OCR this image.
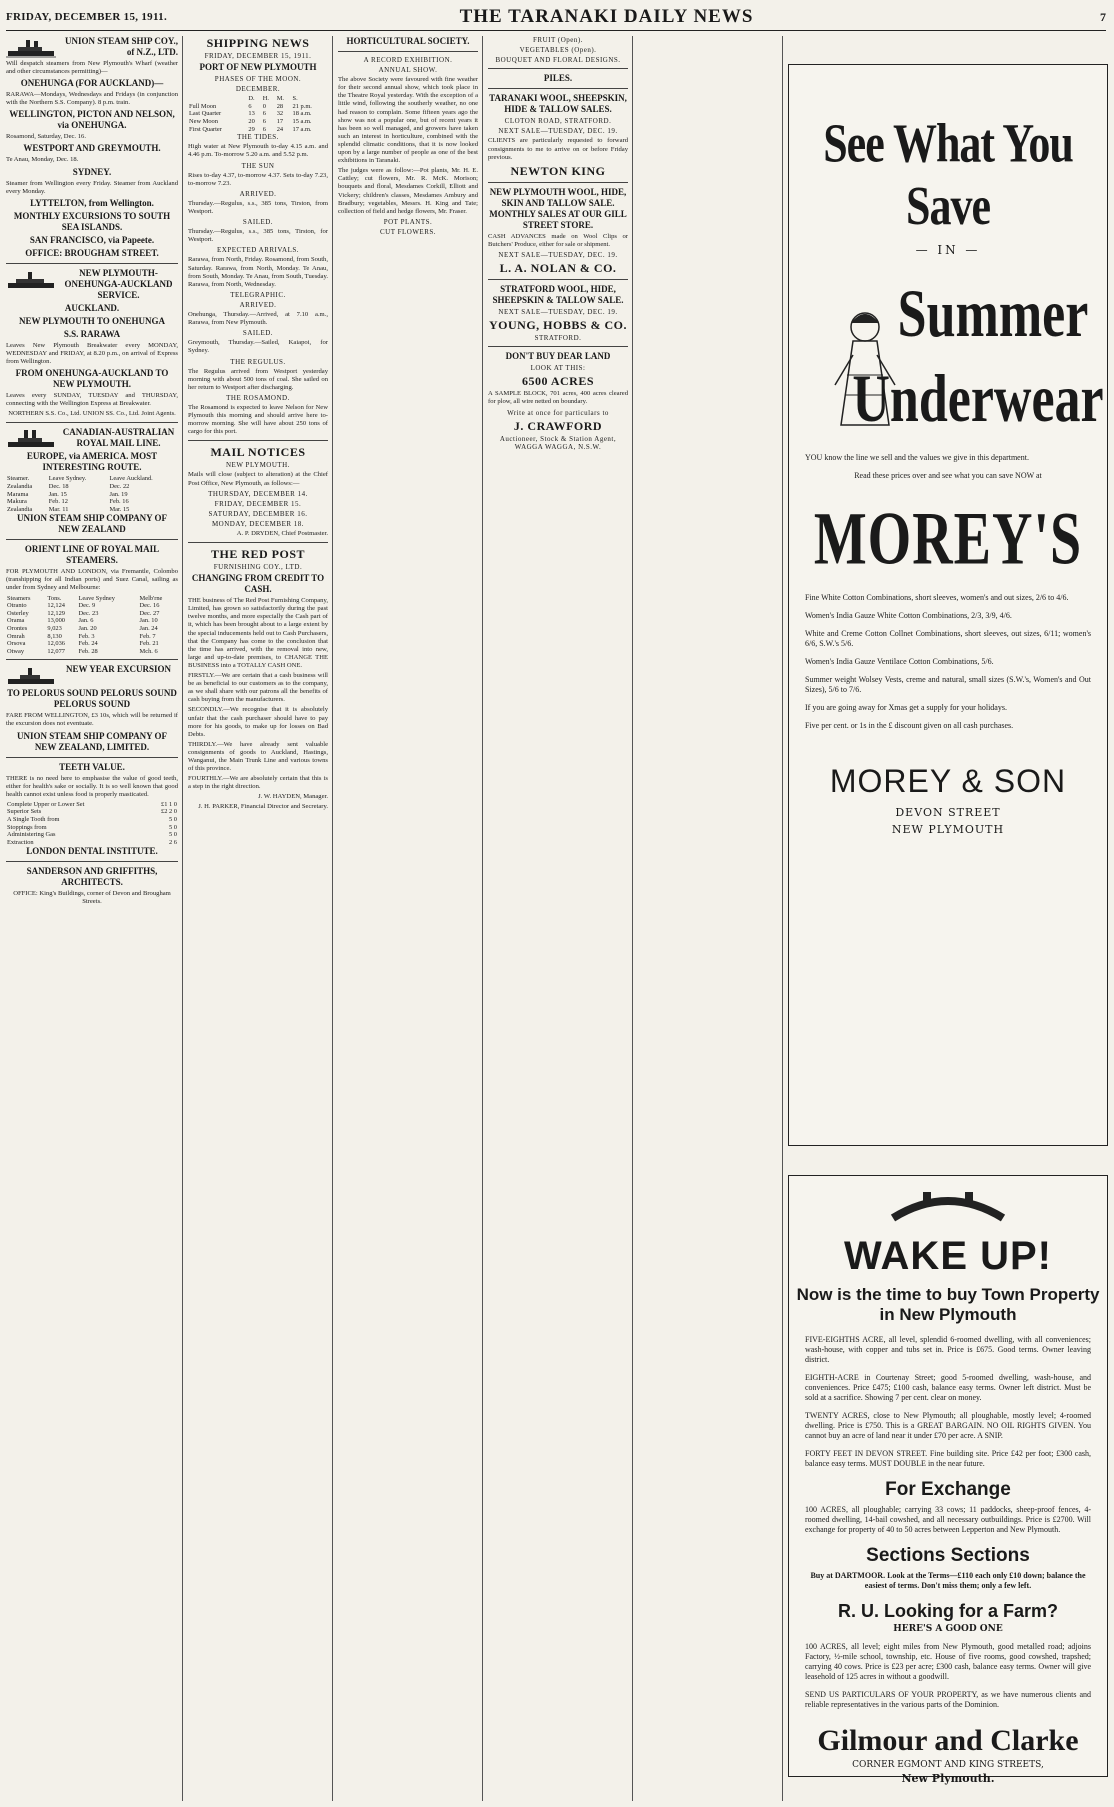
FRIDAY, DECEMBER 15, 1911.	THE TARANAKI DAILY NEWS	7

UNION STEAM SHIP COY., of N.Z., LTD.

Will despatch steamers from New Plymouth's Wharf (weather and other circumstances permitting)—

ONEHUNGA (FOR AUCKLAND)—

RARAWA—Mondays, Wednesdays and Fridays (in conjunction with the Northern S.S. Company). 8 p.m. train.

WELLINGTON, PICTON AND NELSON, via ONEHUNGA.

Rosamond, Saturday, Dec. 16.

WESTPORT AND GREYMOUTH.

Te Anau, Monday, Dec. 18.

SYDNEY.

Steamer from Wellington every Friday. Steamer from Auckland every Monday.

LYTTELTON, from Wellington.

MONTHLY EXCURSIONS TO SOUTH SEA ISLANDS.

SAN FRANCISCO, via Papeete.

OFFICE: BROUGHAM STREET.

NEW PLYMOUTH-ONEHUNGA-AUCKLAND SERVICE.

AUCKLAND.

NEW PLYMOUTH TO ONEHUNGA

S.S. RARAWA

Leaves New Plymouth Breakwater every MONDAY, WEDNESDAY and FRIDAY, at 8.20 p.m., on arrival of Express from Wellington.

FROM ONEHUNGA-AUCKLAND TO NEW PLYMOUTH.

Leaves every SUNDAY, TUESDAY and THURSDAY, connecting with the Wellington Express at Breakwater.

NORTHERN S.S. Co., Ltd. UNION SS. Co., Ltd. Joint Agents.

CANADIAN-AUSTRALIAN ROYAL MAIL LINE.

EUROPE, via AMERICA. MOST INTERESTING ROUTE.

Steamer.	Leave Sydney.	Leave Auckland.
Zealandia	Dec. 18	Dec. 22
Marama	Jan. 15	Jan. 19
Makura	Feb. 12	Feb. 16
Zealandia	Mar. 11	Mar. 15

UNION STEAM SHIP COMPANY OF NEW ZEALAND

ORIENT LINE OF ROYAL MAIL STEAMERS.

FOR PLYMOUTH AND LONDON, via Fremantle, Colombo (transhipping for all Indian ports) and Suez Canal, sailing as under from Sydney and Melbourne:

Steamers	Tons.	Leave Sydney	Melb'rne
Otranto	12,124	Dec. 9	Dec. 16
Osterley	12,129	Dec. 23	Dec. 27
Orama	13,000	Jan. 6	Jan. 10
Orontes	9,023	Jan. 20	Jan. 24
Omrah	8,130	Feb. 3	Feb. 7
Orsova	12,036	Feb. 24	Feb. 21
Otway	12,077	Feb. 28	Mch. 6

NEW YEAR EXCURSION

TO PELORUS SOUND PELORUS SOUND PELORUS SOUND

FARE FROM WELLINGTON, £3 10s, which will be returned if the excursion does not eventuate.

UNION STEAM SHIP COMPANY OF NEW ZEALAND, LIMITED.

TEETH VALUE.

THERE is no need here to emphasise the value of good teeth, either for health's sake or socially. It is so well known that good health cannot exist unless food is properly masticated.

Complete Upper or Lower Set	£1 1 0
Superior Sets	£2 2 0
A Single Tooth from	5 0
Stoppings from	5 0
Administering Gas	5 0
Extraction	2 6

LONDON DENTAL INSTITUTE.

SANDERSON AND GRIFFITHS, ARCHITECTS.

OFFICE: King's Buildings, corner of Devon and Brougham Streets.

SHIPPING NEWS

FRIDAY, DECEMBER 15, 1911.

PORT OF NEW PLYMOUTH

PHASES OF THE MOON.

DECEMBER.

	D.	H.	M.	S.
Full Moon	6	0	28	21 p.m.
Last Quarter	13	6	32	18 a.m.
New Moon	20	6	17	15 a.m.
First Quarter	29	6	24	17 a.m.

THE TIDES.

High water at New Plymouth to-day 4.15 a.m. and 4.46 p.m. To-morrow 5.20 a.m. and 5.52 p.m.

THE SUN

Rises to-day 4.37, to-morrow 4.37. Sets to-day 7.23, to-morrow 7.23.

ARRIVED.

Thursday.—Regulus, s.s., 385 tons, Tirston, from Westport.

SAILED.

Thursday.—Regulus, s.s., 385 tons, Tirston, for Westport.

EXPECTED ARRIVALS.

Rarawa, from North, Friday. Rosamond, from South, Saturday. Rarawa, from North, Monday. Te Anau, from South, Monday. Te Anau, from South, Tuesday. Rarawa, from North, Wednesday.

TELEGRAPHIC.

ARRIVED.

Onehunga, Thursday.—Arrived, at 7.10 a.m., Rarawa, from New Plymouth.

SAILED.

Greymouth, Thursday.—Sailed, Kaiapoi, for Sydney.

THE REGULUS.

The Regulus arrived from Westport yesterday morning with about 500 tons of coal. She sailed on her return to Westport after discharging.

THE ROSAMOND.

The Rosamond is expected to leave Nelson for New Plymouth this morning and should arrive here to-morrow morning. She will have about 250 tons of cargo for this port.

MAIL NOTICES

NEW PLYMOUTH.

Mails will close (subject to alteration) at the Chief Post Office, New Plymouth, as follows:—

THURSDAY, DECEMBER 14.

FRIDAY, DECEMBER 15.

SATURDAY, DECEMBER 16.

MONDAY, DECEMBER 18.

A. P. DRYDEN, Chief Postmaster.

THE RED POST

FURNISHING COY., LTD.

CHANGING FROM CREDIT TO CASH.

THE business of The Red Post Furnishing Company, Limited, has grown so satisfactorily during the past twelve months, and more especially the Cash part of it, which has been brought about to a large extent by the special inducements held out to Cash Purchasers, that the Company has come to the conclusion that the time has arrived, with the removal into new, large and up-to-date premises, to CHANGE THE BUSINESS into a TOTALLY CASH ONE.

FIRSTLY.—We are certain that a cash business will be as beneficial to our customers as to the company, as we shall share with our patrons all the benefits of cash buying from the manufacturers.

SECONDLY.—We recognise that it is absolutely unfair that the cash purchaser should have to pay more for his goods, to make up for losses on Bad Debts.

THIRDLY.—We have already sent valuable consignments of goods to Auckland, Hastings, Wanganui, the Main Trunk Line and various towns of this province.

FOURTHLY.—We are absolutely certain that this is a step in the right direction.

J. W. HAYDEN, Manager.

J. H. PARKER, Financial Director and Secretary.

HORTICULTURAL SOCIETY.

A RECORD EXHIBITION.

ANNUAL SHOW.

The above Society were favoured with fine weather for their second annual show, which took place in the Theatre Royal yesterday. With the exception of a little wind, following the southerly weather, no one had reason to complain. Some fifteen years ago the show was not a popular one, but of recent years it has been so well managed, and growers have taken such an interest in horticulture, combined with the splendid climatic conditions, that it is now looked upon by a large number of people as one of the best exhibitions in Taranaki.

The judges were as follow:—Pot plants, Mr. H. E. Cattley; cut flowers, Mr. R. McK. Morison; bouquets and floral, Mesdames Corkill, Elliott and Vickery; children's classes, Mesdames Ambury and Bradbury; vegetables, Messrs. H. King and Tate; collection of field and hedge flowers, Mr. Fraser.

POT PLANTS.

CUT FLOWERS.

FRUIT (Open).

VEGETABLES (Open).

BOUQUET AND FLORAL DESIGNS.

PILES.

TARANAKI WOOL, SHEEPSKIN, HIDE & TALLOW SALES.

CLOTON ROAD, STRATFORD.

NEXT SALE—TUESDAY, DEC. 19.

CLIENTS are particularly requested to forward consignments to me to arrive on or before Friday previous.

NEWTON KING

NEW PLYMOUTH WOOL, HIDE, SKIN AND TALLOW SALE. MONTHLY SALES AT OUR GILL STREET STORE.

CASH ADVANCES made on Wool Clips or Butchers' Produce, either for sale or shipment.

NEXT SALE—TUESDAY, DEC. 19.

L. A. NOLAN & CO.

STRATFORD WOOL, HIDE, SHEEPSKIN & TALLOW SALE.

NEXT SALE—TUESDAY, DEC. 19.

YOUNG, HOBBS & CO.

STRATFORD.

DON'T BUY DEAR LAND

LOOK AT THIS:

6500 ACRES

A SAMPLE BLOCK, 701 acres, 400 acres cleared for plow, all wire netted on boundary.

Write at once for particulars to

J. CRAWFORD

Auctioneer, Stock & Station Agent, WAGGA WAGGA, N.S.W.

See What You Save
— IN —
Summer
Underwear

YOU know the line we sell and the values we give in this department.

Read these prices over and see what you can save NOW at

MOREY'S

Fine White Cotton Combinations, short sleeves, women's and out sizes, 2/6 to 4/6.

Women's India Gauze White Cotton Combinations, 2/3, 3/9, 4/6.

White and Creme Cotton Collnet Combinations, short sleeves, out sizes, 6/11; women's 6/6, S.W.'s 5/6.

Women's India Gauze Ventilace Cotton Combinations, 5/6.

Summer weight Wolsey Vests, creme and natural, small sizes (S.W.'s, Women's and Out Sizes), 5/6 to 7/6.

If you are going away for Xmas get a supply for your holidays.

Five per cent. or 1s in the £ discount given on all cash purchases.

MOREY & SON

DEVON STREET

NEW PLYMOUTH

WAKE UP!
Now is the time to buy Town Property in New Plymouth

FIVE-EIGHTHS ACRE, all level, splendid 6-roomed dwelling, with all conveniences; wash-house, with copper and tubs set in. Price is £675. Good terms. Owner leaving district.

EIGHTH-ACRE in Courtenay Street; good 5-roomed dwelling, wash-house, and conveniences. Price £475; £100 cash, balance easy terms. Owner left district. Must be sold at a sacrifice. Showing 7 per cent. clear on money.

TWENTY ACRES, close to New Plymouth; all ploughable, mostly level; 4-roomed dwelling. Price is £750. This is a GREAT BARGAIN. NO OIL RIGHTS GIVEN. You cannot buy an acre of land near it under £70 per acre. A SNIP.

FORTY FEET IN DEVON STREET. Fine building site. Price £42 per foot; £300 cash, balance easy terms. MUST DOUBLE in the near future.

For Exchange

100 ACRES, all ploughable; carrying 33 cows; 11 paddocks, sheep-proof fences, 4-roomed dwelling, 14-bail cowshed, and all necessary outbuildings. Price is £2700. Will exchange for property of 40 to 50 acres between Lepperton and New Plymouth.

Sections Sections

Buy at DARTMOOR. Look at the Terms—£110 each only £10 down; balance the easiest of terms. Don't miss them; only a few left.

R. U. Looking for a Farm?

HERE'S A GOOD ONE

100 ACRES, all level; eight miles from New Plymouth, good metalled road; adjoins Factory, ½-mile school, township, etc. House of five rooms, good cowshed, trapshed; carrying 40 cows. Price is £23 per acre; £300 cash, balance easy terms. Owner will give leasehold of 125 acres in without a goodwill.

SEND US PARTICULARS OF YOUR PROPERTY, as we have numerous clients and reliable representatives in the various parts of the Dominion.

Gilmour and Clarke

CORNER EGMONT AND KING STREETS,

New Plymouth.
